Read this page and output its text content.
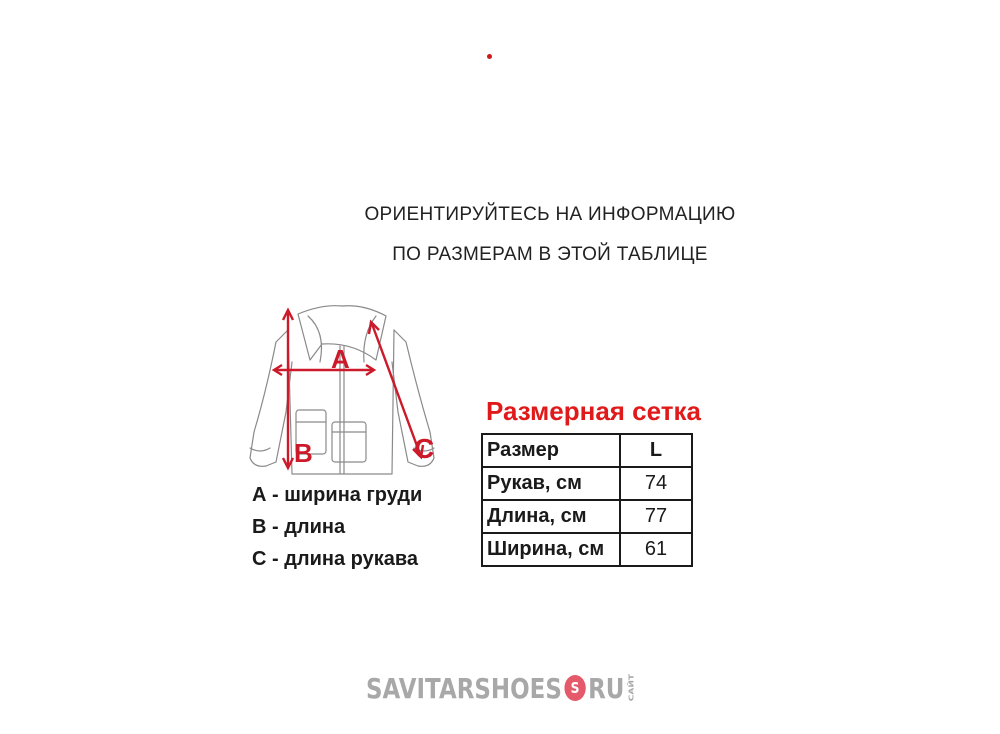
ОРИЕНТИРУЙТЕСЬ НА ИНФОРМАЦИЮ
ПО РАЗМЕРАМ В ЭТОЙ ТАБЛИЦЕ
A
B	C
А - ширина груди
В - длина
С - длина рукава
Размерная сетка
Размер	L
Рукав, см	74
Длина, см	77
Ширина, см	61
SAVITARSHOES S RU САЙТ
